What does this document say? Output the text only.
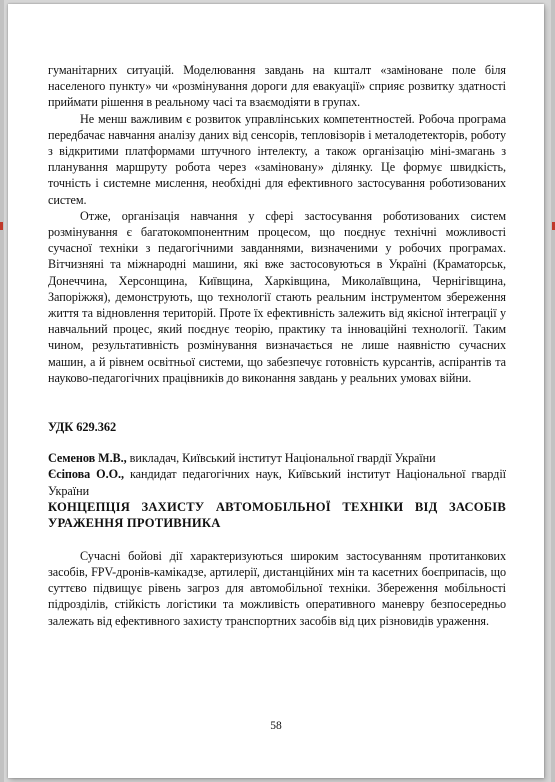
гуманітарних ситуацій. Моделювання завдань на кшталт «заміноване поле біля населеного пункту» чи «розмінування дороги для евакуації» сприяє розвитку здатності приймати рішення в реальному часі та взаємодіяти в групах.

Не менш важливим є розвиток управлінських компетентностей. Робоча програма передбачає навчання аналізу даних від сенсорів, тепловізорів і металодетекторів, роботу з відкритими платформами штучного інтелекту, а також організацію міні-змагань з планування маршруту робота через «заміновану» ділянку. Це формує швидкість, точність і системне мислення, необхідні для ефективного застосування роботизованих систем.

Отже, організація навчання у сфері застосування роботизованих систем розмінування є багатокомпонентним процесом, що поєднує технічні можливості сучасної техніки з педагогічними завданнями, визначеними у робочих програмах. Вітчизняні та міжнародні машини, які вже застосовуються в Україні (Краматорськ, Донеччина, Херсонщина, Київщина, Харківщина, Миколаївщина, Чернігівщина, Запоріжжя), демонструють, що технології стають реальним інструментом збереження життя та відновлення територій. Проте їх ефективність залежить від якісної інтеграції у навчальний процес, який поєднує теорію, практику та інноваційні технології. Таким чином, результативність розмінування визначається не лише наявністю сучасних машин, а й рівнем освітньої системи, що забезпечує готовність курсантів, аспірантів та науково-педагогічних працівників до виконання завдань у реальних умовах війни.

УДК 629.362

Семенов М.В., викладач, Київський інститут Національної гвардії України

Єсіпова О.О., кандидат педагогічних наук, Київський інститут Національної гвардії України

КОНЦЕПЦІЯ ЗАХИСТУ АВТОМОБІЛЬНОЇ ТЕХНІКИ ВІД ЗАСОБІВ УРАЖЕННЯ ПРОТИВНИКА

Сучасні бойові дії характеризуються широким застосуванням протитанкових засобів, FPV-дронів-камікадзе, артилерії, дистанційних мін та касетних боєприпасів, що суттєво підвищує рівень загроз для автомобільної техніки. Збереження мобільності підрозділів, стійкість логістики та можливість оперативного маневру безпосередньо залежать від ефективного захисту транспортних засобів від цих різновидів ураження.

58
